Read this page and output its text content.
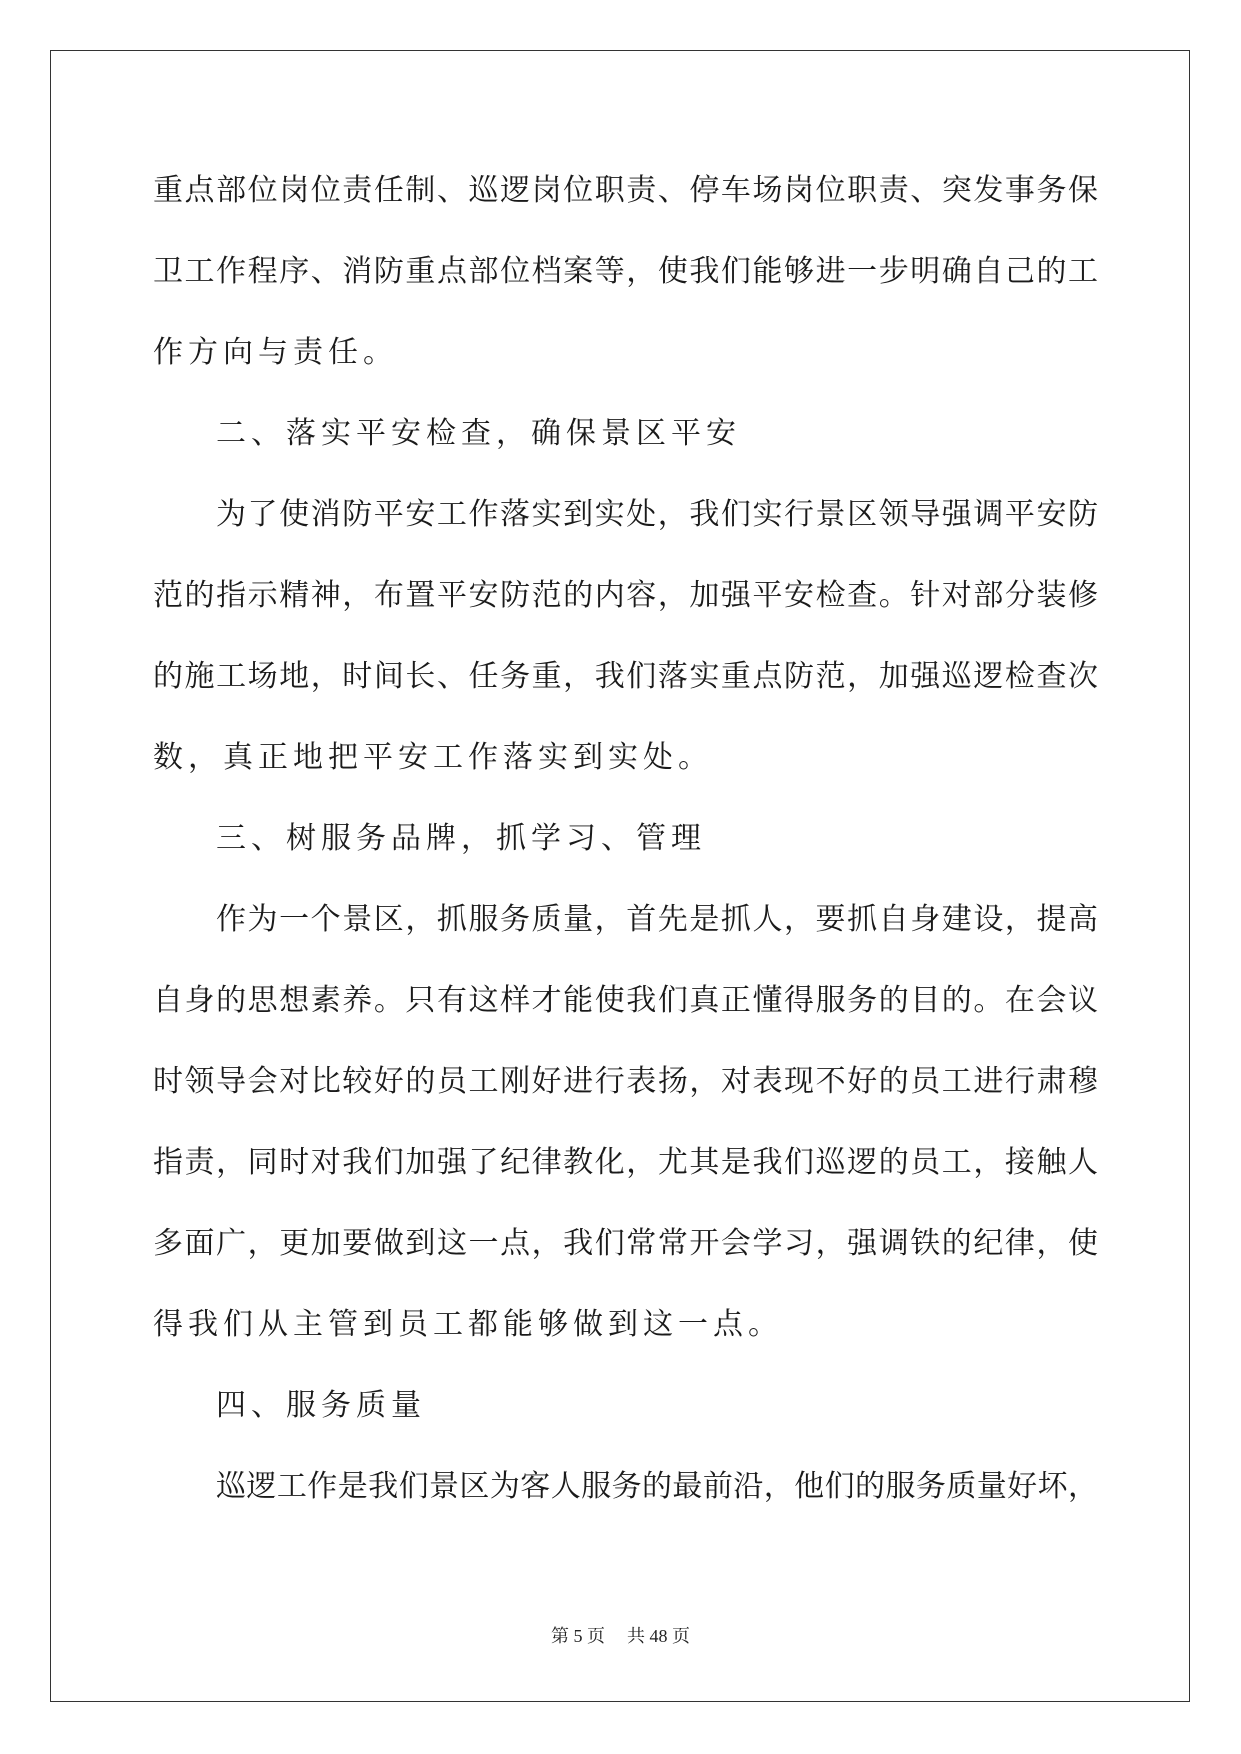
重点部位岗位责任制、巡逻岗位职责、停车场岗位职责、突发事务保
卫工作程序、消防重点部位档案等，使我们能够进一步明确自己的工
作方向与责任。
二、落实平安检查，确保景区平安
为了使消防平安工作落实到实处，我们实行景区领导强调平安防
范的指示精神，布置平安防范的内容，加强平安检查。针对部分装修
的施工场地，时间长、任务重，我们落实重点防范，加强巡逻检查次
数，真正地把平安工作落实到实处。
三、树服务品牌，抓学习、管理
作为一个景区，抓服务质量，首先是抓人，要抓自身建设，提高
自身的思想素养。只有这样才能使我们真正懂得服务的目的。在会议
时领导会对比较好的员工刚好进行表扬，对表现不好的员工进行肃穆
指责，同时对我们加强了纪律教化，尤其是我们巡逻的员工，接触人
多面广，更加要做到这一点，我们常常开会学习，强调铁的纪律，使
得我们从主管到员工都能够做到这一点。
四、服务质量
巡逻工作是我们景区为客人服务的最前沿，他们的服务质量好坏，
第 5 页 共 48 页
